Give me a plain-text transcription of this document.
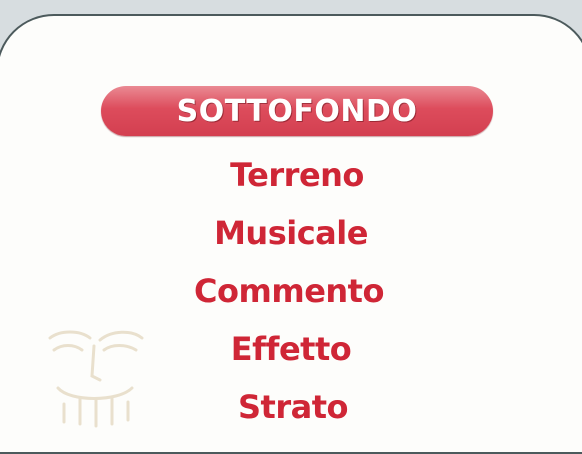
SOTTOFONDO
Terreno
Musicale
Commento
Effetto
Strato
